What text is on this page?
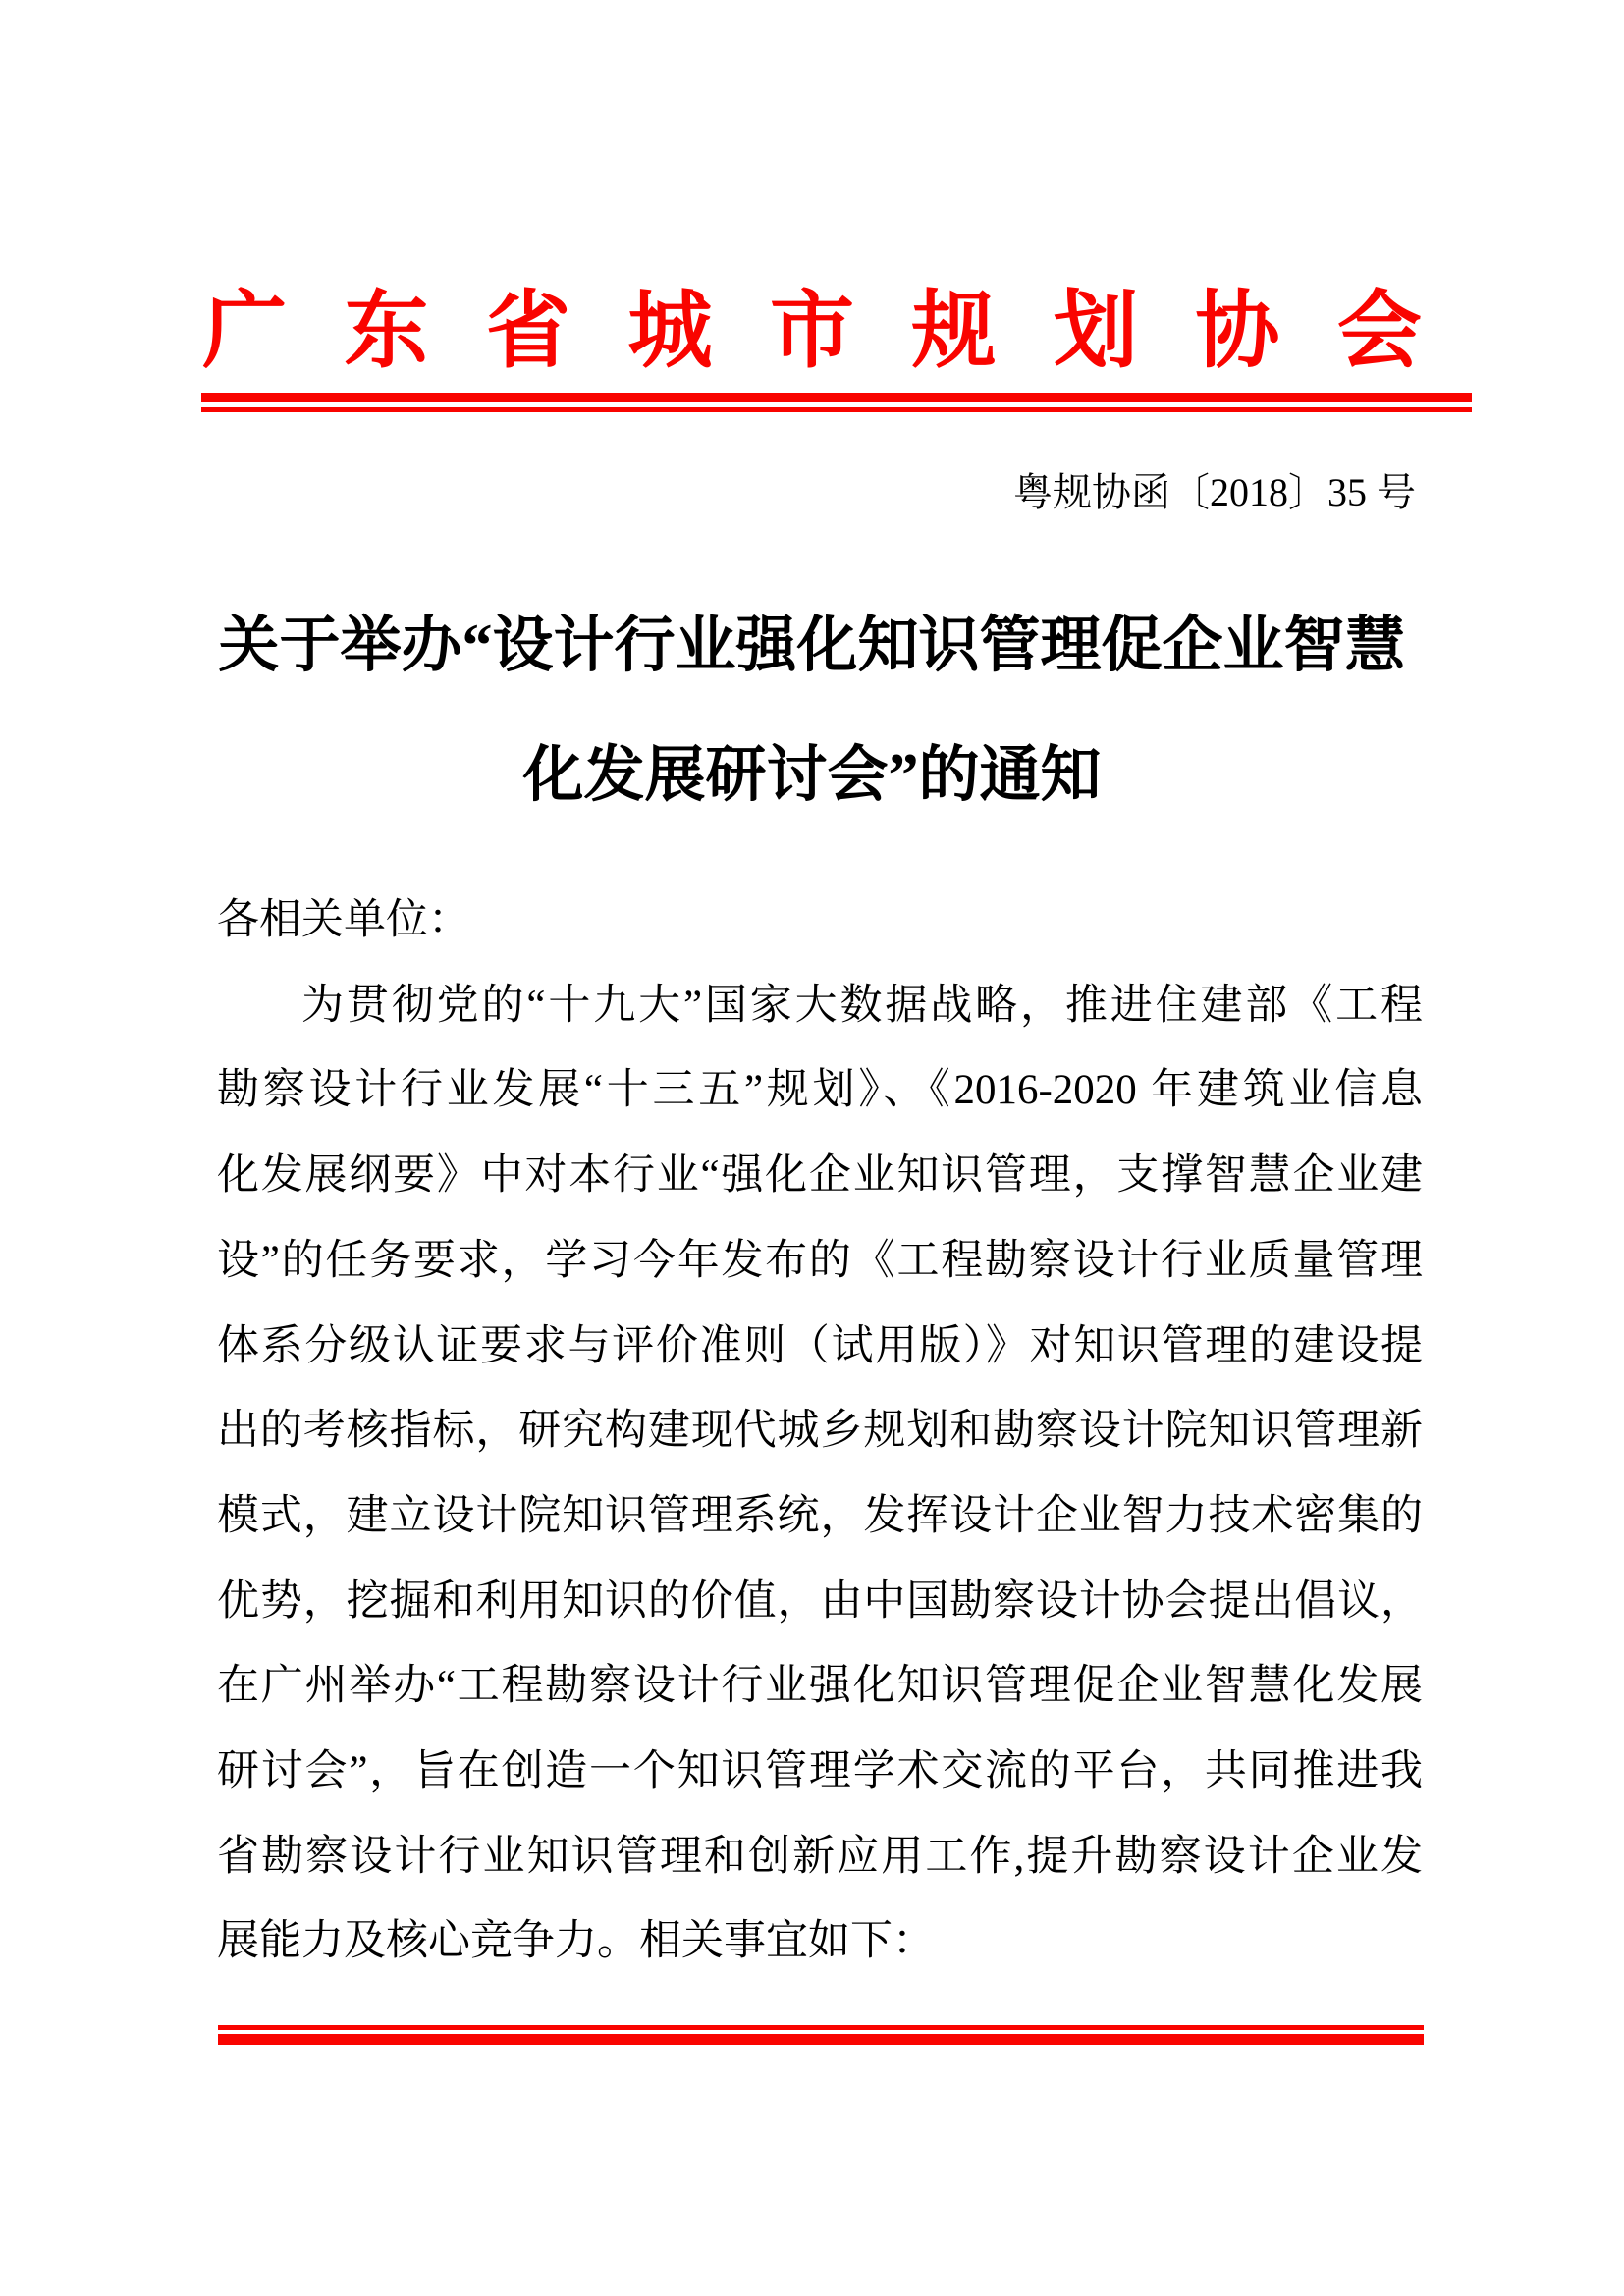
广东省城市规划协会
粤规协函〔2018〕35 号
关于举办“设计行业强化知识管理促企业智慧
化发展研讨会”的通知
各相关单位：
为贯彻党的“十九大”国家大数据战略，推进住建部《工程
勘察设计行业发展“十三五”规划》、《2016-2020 年建筑业信息
化发展纲要》中对本行业“强化企业知识管理，支撑智慧企业建
设”的任务要求，学习今年发布的《工程勘察设计行业质量管理
体系分级认证要求与评价准则（试用版）》对知识管理的建设提
出的考核指标，研究构建现代城乡规划和勘察设计院知识管理新
模式，建立设计院知识管理系统，发挥设计企业智力技术密集的
优势，挖掘和利用知识的价值，由中国勘察设计协会提出倡议，
在广州举办“工程勘察设计行业强化知识管理促企业智慧化发展
研讨会”，旨在创造一个知识管理学术交流的平台，共同推进我
省勘察设计行业知识管理和创新应用工作,提升勘察设计企业发
展能力及核心竞争力。相关事宜如下：
